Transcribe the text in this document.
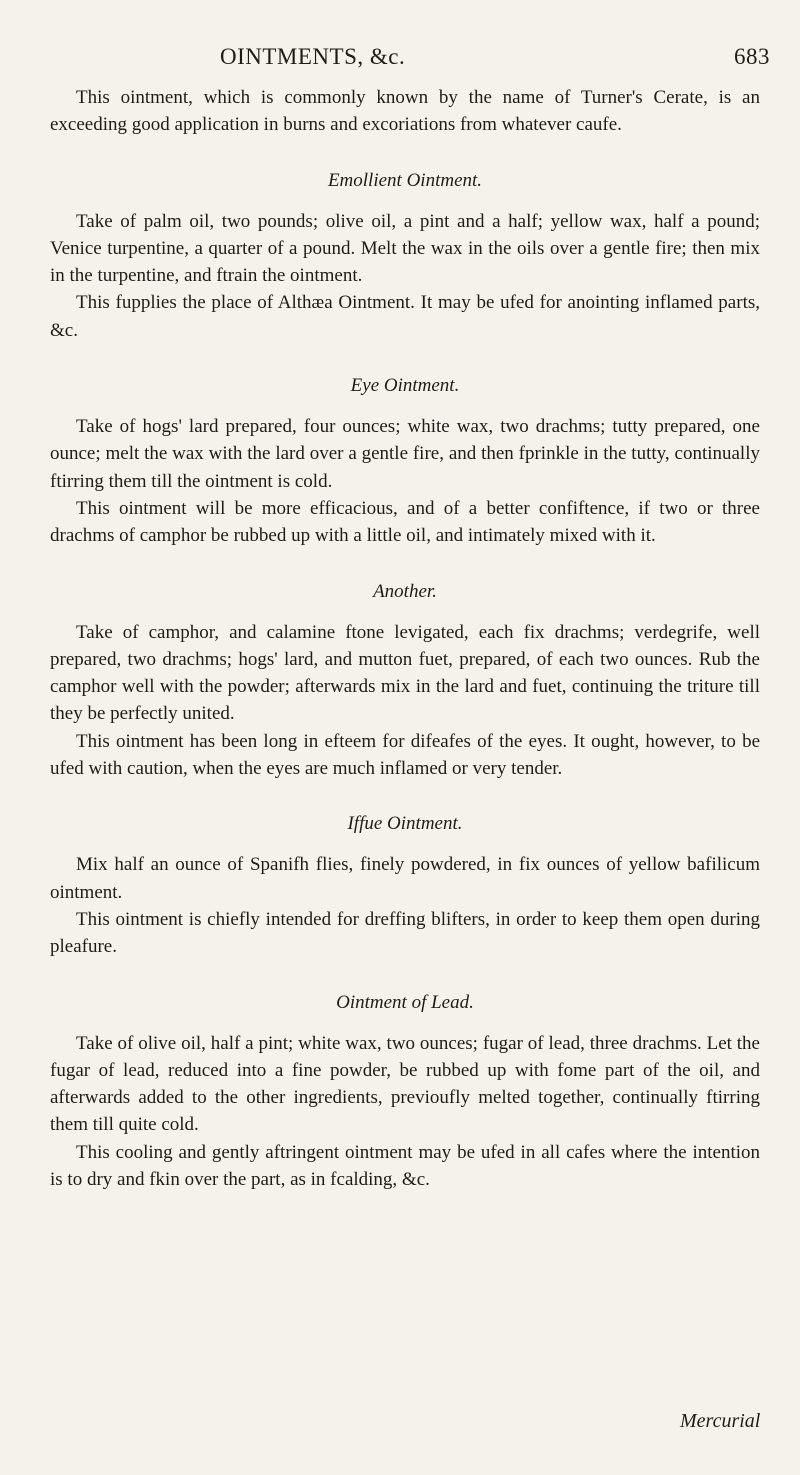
OINTMENTS, &c.	683

This ointment, which is commonly known by the name of Turner's Cerate, is an exceeding good application in burns and excoriations from whatever caufe.

Emollient Ointment.

Take of palm oil, two pounds; olive oil, a pint and a half; yellow wax, half a pound; Venice turpentine, a quarter of a pound. Melt the wax in the oils over a gentle fire; then mix in the turpentine, and ftrain the ointment.

This fupplies the place of Althæa Ointment. It may be ufed for anointing inflamed parts, &c.

Eye Ointment.

Take of hogs' lard prepared, four ounces; white wax, two drachms; tutty prepared, one ounce; melt the wax with the lard over a gentle fire, and then fprinkle in the tutty, continually ftirring them till the ointment is cold.

This ointment will be more efficacious, and of a better confiftence, if two or three drachms of camphor be rubbed up with a little oil, and intimately mixed with it.

Another.

Take of camphor, and calamine ftone levigated, each fix drachms; verdegrife, well prepared, two drachms; hogs' lard, and mutton fuet, prepared, of each two ounces. Rub the camphor well with the powder; afterwards mix in the lard and fuet, continuing the triture till they be perfectly united.

This ointment has been long in efteem for difeafes of the eyes. It ought, however, to be ufed with caution, when the eyes are much inflamed or very tender.

Iffue Ointment.

Mix half an ounce of Spanifh flies, finely powdered, in fix ounces of yellow bafilicum ointment.

This ointment is chiefly intended for dreffing blifters, in order to keep them open during pleafure.

Ointment of Lead.

Take of olive oil, half a pint; white wax, two ounces; fugar of lead, three drachms. Let the fugar of lead, reduced into a fine powder, be rubbed up with fome part of the oil, and afterwards added to the other ingredients, previoufly melted together, continually ftirring them till quite cold.

This cooling and gently aftringent ointment may be ufed in all cafes where the intention is to dry and fkin over the part, as in fcalding, &c.

Mercurial
